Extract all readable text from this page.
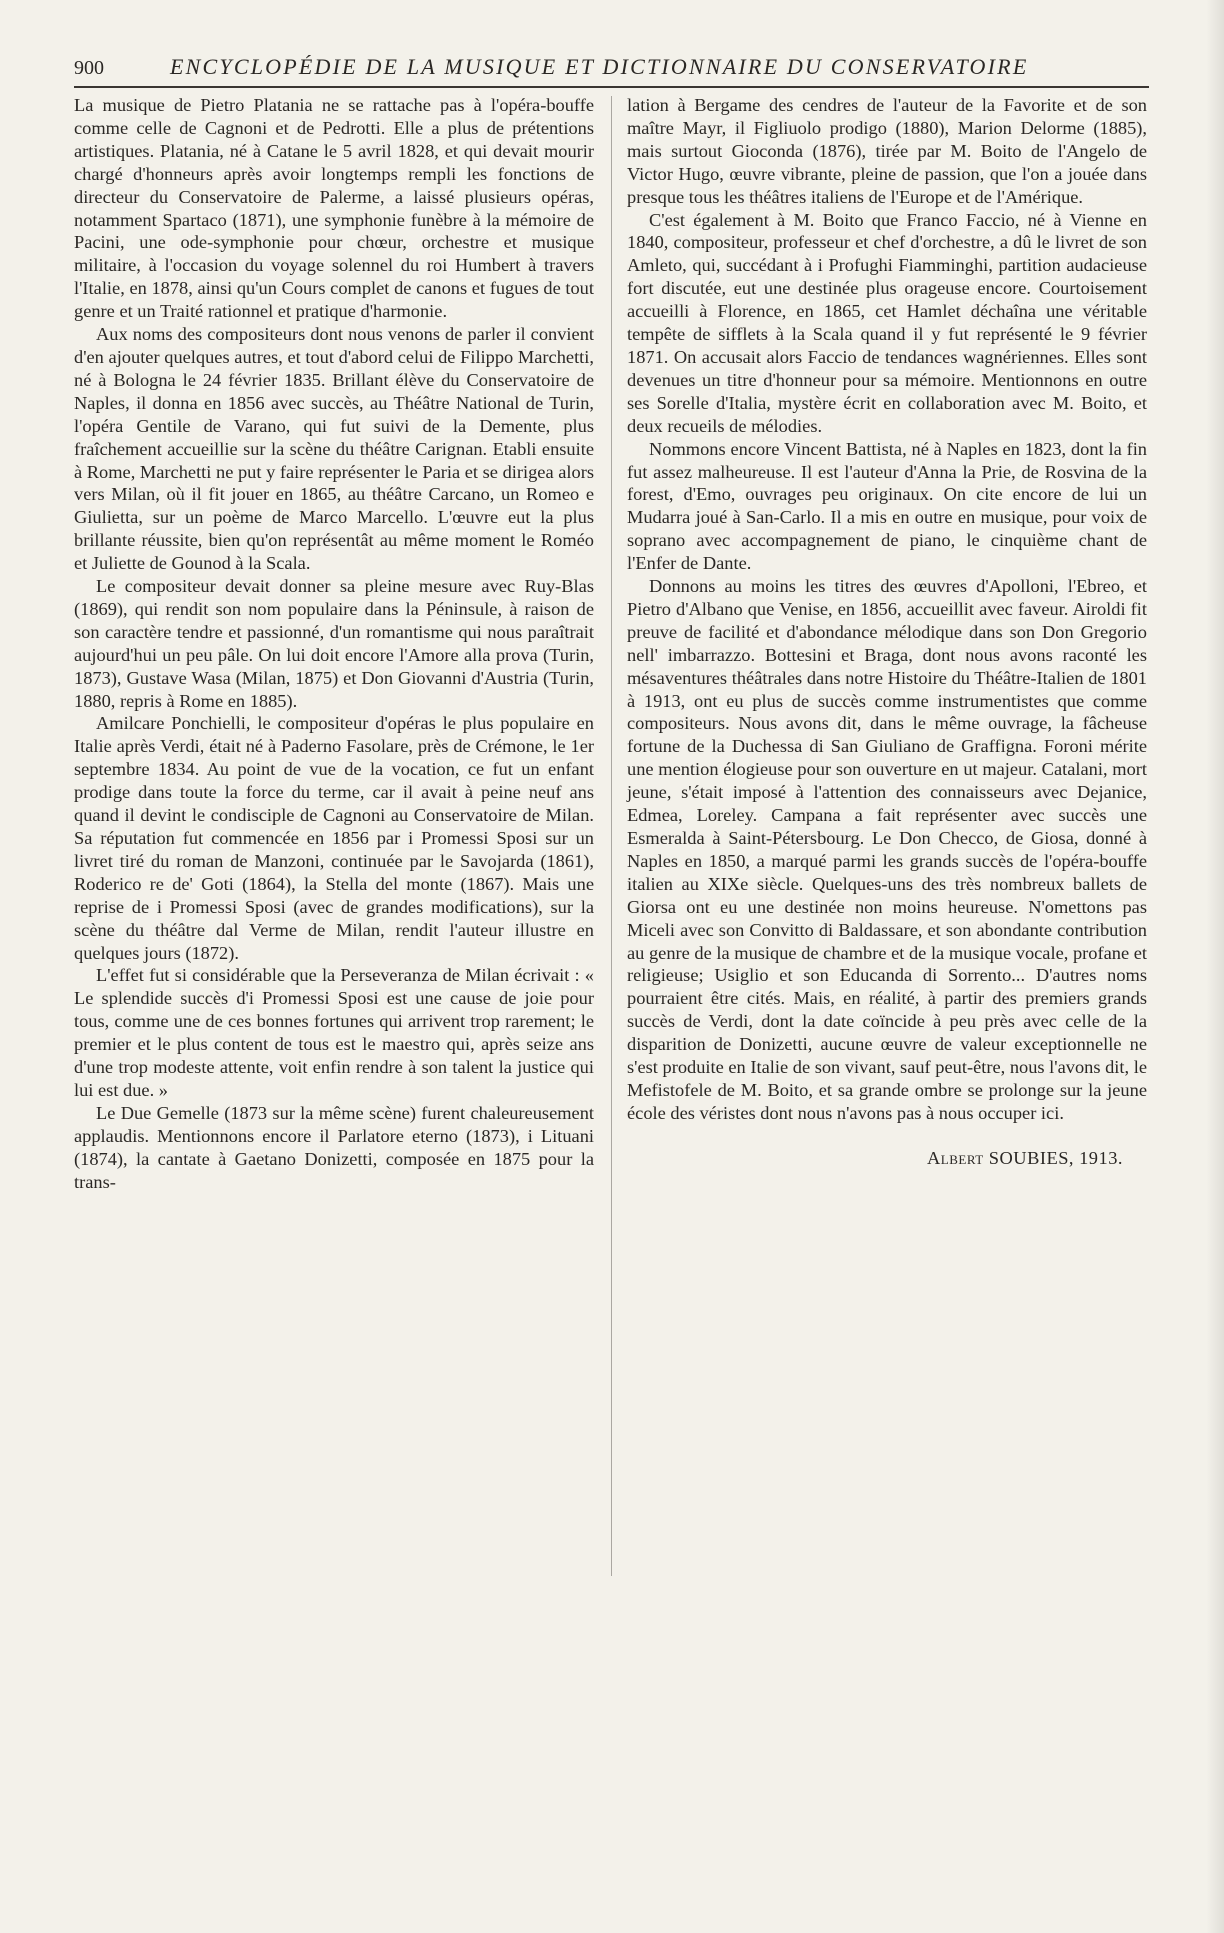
900	ENCYCLOPÉDIE DE LA MUSIQUE ET DICTIONNAIRE DU CONSERVATOIRE

La musique de Pietro Platania ne se rattache pas à l'opéra-bouffe comme celle de Cagnoni et de Pedrotti. Elle a plus de prétentions artistiques. Platania, né à Catane le 5 avril 1828, et qui devait mourir chargé d'honneurs après avoir longtemps rempli les fonctions de directeur du Conservatoire de Palerme, a laissé plusieurs opéras, notamment Spartaco (1871), une symphonie funèbre à la mémoire de Pacini, une ode-symphonie pour chœur, orchestre et musique militaire, à l'occasion du voyage solennel du roi Humbert à travers l'Italie, en 1878, ainsi qu'un Cours complet de canons et fugues de tout genre et un Traité rationnel et pratique d'harmonie.

Aux noms des compositeurs dont nous venons de parler il convient d'en ajouter quelques autres, et tout d'abord celui de Filippo Marchetti, né à Bologna le 24 février 1835. Brillant élève du Conservatoire de Naples, il donna en 1856 avec succès, au Théâtre National de Turin, l'opéra Gentile de Varano, qui fut suivi de la Demente, plus fraîchement accueillie sur la scène du théâtre Carignan. Etabli ensuite à Rome, Marchetti ne put y faire représenter le Paria et se dirigea alors vers Milan, où il fit jouer en 1865, au théâtre Carcano, un Romeo e Giulietta, sur un poème de Marco Marcello. L'œuvre eut la plus brillante réussite, bien qu'on représentât au même moment le Roméo et Juliette de Gounod à la Scala.

Le compositeur devait donner sa pleine mesure avec Ruy-Blas (1869), qui rendit son nom populaire dans la Péninsule, à raison de son caractère tendre et passionné, d'un romantisme qui nous paraîtrait aujourd'hui un peu pâle. On lui doit encore l'Amore alla prova (Turin, 1873), Gustave Wasa (Milan, 1875) et Don Giovanni d'Austria (Turin, 1880, repris à Rome en 1885).

Amilcare Ponchielli, le compositeur d'opéras le plus populaire en Italie après Verdi, était né à Paderno Fasolare, près de Crémone, le 1er septembre 1834. Au point de vue de la vocation, ce fut un enfant prodige dans toute la force du terme, car il avait à peine neuf ans quand il devint le condisciple de Cagnoni au Conservatoire de Milan. Sa réputation fut commencée en 1856 par i Promessi Sposi sur un livret tiré du roman de Manzoni, continuée par le Savojarda (1861), Roderico re de' Goti (1864), la Stella del monte (1867). Mais une reprise de i Promessi Sposi (avec de grandes modifications), sur la scène du théâtre dal Verme de Milan, rendit l'auteur illustre en quelques jours (1872).

L'effet fut si considérable que la Perseveranza de Milan écrivait : « Le splendide succès d'i Promessi Sposi est une cause de joie pour tous, comme une de ces bonnes fortunes qui arrivent trop rarement; le premier et le plus content de tous est le maestro qui, après seize ans d'une trop modeste attente, voit enfin rendre à son talent la justice qui lui est due. »

Le Due Gemelle (1873 sur la même scène) furent chaleureusement applaudis. Mentionnons encore il Parlatore eterno (1873), i Lituani (1874), la cantate à Gaetano Donizetti, composée en 1875 pour la trans-

lation à Bergame des cendres de l'auteur de la Favorite et de son maître Mayr, il Figliuolo prodigo (1880), Marion Delorme (1885), mais surtout Gioconda (1876), tirée par M. Boito de l'Angelo de Victor Hugo, œuvre vibrante, pleine de passion, que l'on a jouée dans presque tous les théâtres italiens de l'Europe et de l'Amérique.

C'est également à M. Boito que Franco Faccio, né à Vienne en 1840, compositeur, professeur et chef d'orchestre, a dû le livret de son Amleto, qui, succédant à i Profughi Fiamminghi, partition audacieuse fort discutée, eut une destinée plus orageuse encore. Courtoisement accueilli à Florence, en 1865, cet Hamlet déchaîna une véritable tempête de sifflets à la Scala quand il y fut représenté le 9 février 1871. On accusait alors Faccio de tendances wagnériennes. Elles sont devenues un titre d'honneur pour sa mémoire. Mentionnons en outre ses Sorelle d'Italia, mystère écrit en collaboration avec M. Boito, et deux recueils de mélodies.

Nommons encore Vincent Battista, né à Naples en 1823, dont la fin fut assez malheureuse. Il est l'auteur d'Anna la Prie, de Rosvina de la forest, d'Emo, ouvrages peu originaux. On cite encore de lui un Mudarra joué à San-Carlo. Il a mis en outre en musique, pour voix de soprano avec accompagnement de piano, le cinquième chant de l'Enfer de Dante.

Donnons au moins les titres des œuvres d'Apolloni, l'Ebreo, et Pietro d'Albano que Venise, en 1856, accueillit avec faveur. Airoldi fit preuve de facilité et d'abondance mélodique dans son Don Gregorio nell' imbarrazzo. Bottesini et Braga, dont nous avons raconté les mésaventures théâtrales dans notre Histoire du Théâtre-Italien de 1801 à 1913, ont eu plus de succès comme instrumentistes que comme compositeurs. Nous avons dit, dans le même ouvrage, la fâcheuse fortune de la Duchessa di San Giuliano de Graffigna. Foroni mérite une mention élogieuse pour son ouverture en ut majeur. Catalani, mort jeune, s'était imposé à l'attention des connaisseurs avec Dejanice, Edmea, Loreley. Campana a fait représenter avec succès une Esmeralda à Saint-Pétersbourg. Le Don Checco, de Giosa, donné à Naples en 1850, a marqué parmi les grands succès de l'opéra-bouffe italien au XIXe siècle. Quelques-uns des très nombreux ballets de Giorsa ont eu une destinée non moins heureuse. N'omettons pas Miceli avec son Convitto di Baldassare, et son abondante contribution au genre de la musique de chambre et de la musique vocale, profane et religieuse; Usiglio et son Educanda di Sorrento... D'autres noms pourraient être cités. Mais, en réalité, à partir des premiers grands succès de Verdi, dont la date coïncide à peu près avec celle de la disparition de Donizetti, aucune œuvre de valeur exceptionnelle ne s'est produite en Italie de son vivant, sauf peut-être, nous l'avons dit, le Mefistofele de M. Boito, et sa grande ombre se prolonge sur la jeune école des véristes dont nous n'avons pas à nous occuper ici.

Albert SOUBIES, 1913.
